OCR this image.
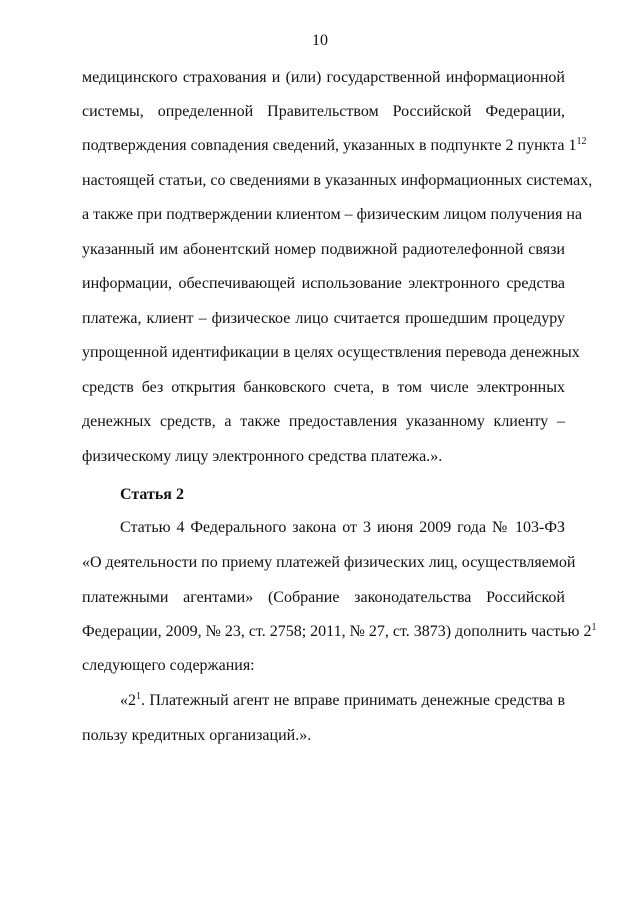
10
медицинского страхования и (или) государственной информационной
системы, определенной Правительством Российской Федерации,
подтверждения совпадения сведений, указанных в подпункте 2 пункта $1^{12}$
настоящей статьи, со сведениями в указанных информационных системах,
а также при подтверждении клиентом – физическим лицом получения на
указанный им абонентский номер подвижной радиотелефонной связи
информации, обеспечивающей использование электронного средства
платежа, клиент – физическое лицо считается прошедшим процедуру
упрощенной идентификации в целях осуществления перевода денежных
средств без открытия банковского счета, в том числе электронных
денежных средств, а также предоставления указанному клиенту –
физическому лицу электронного средства платежа.».
Статья 2
Статью 4 Федерального закона от 3 июня 2009 года № 103-ФЗ
«О деятельности по приему платежей физических лиц, осуществляемой
платежными агентами» (Собрание законодательства Российской
Федерации, 2009, № 23, ст. 2758; 2011, № 27, ст. 3873) дополнить частью $2^1$
следующего содержания:
«$2^1$. Платежный агент не вправе принимать денежные средства в
пользу кредитных организаций.».
